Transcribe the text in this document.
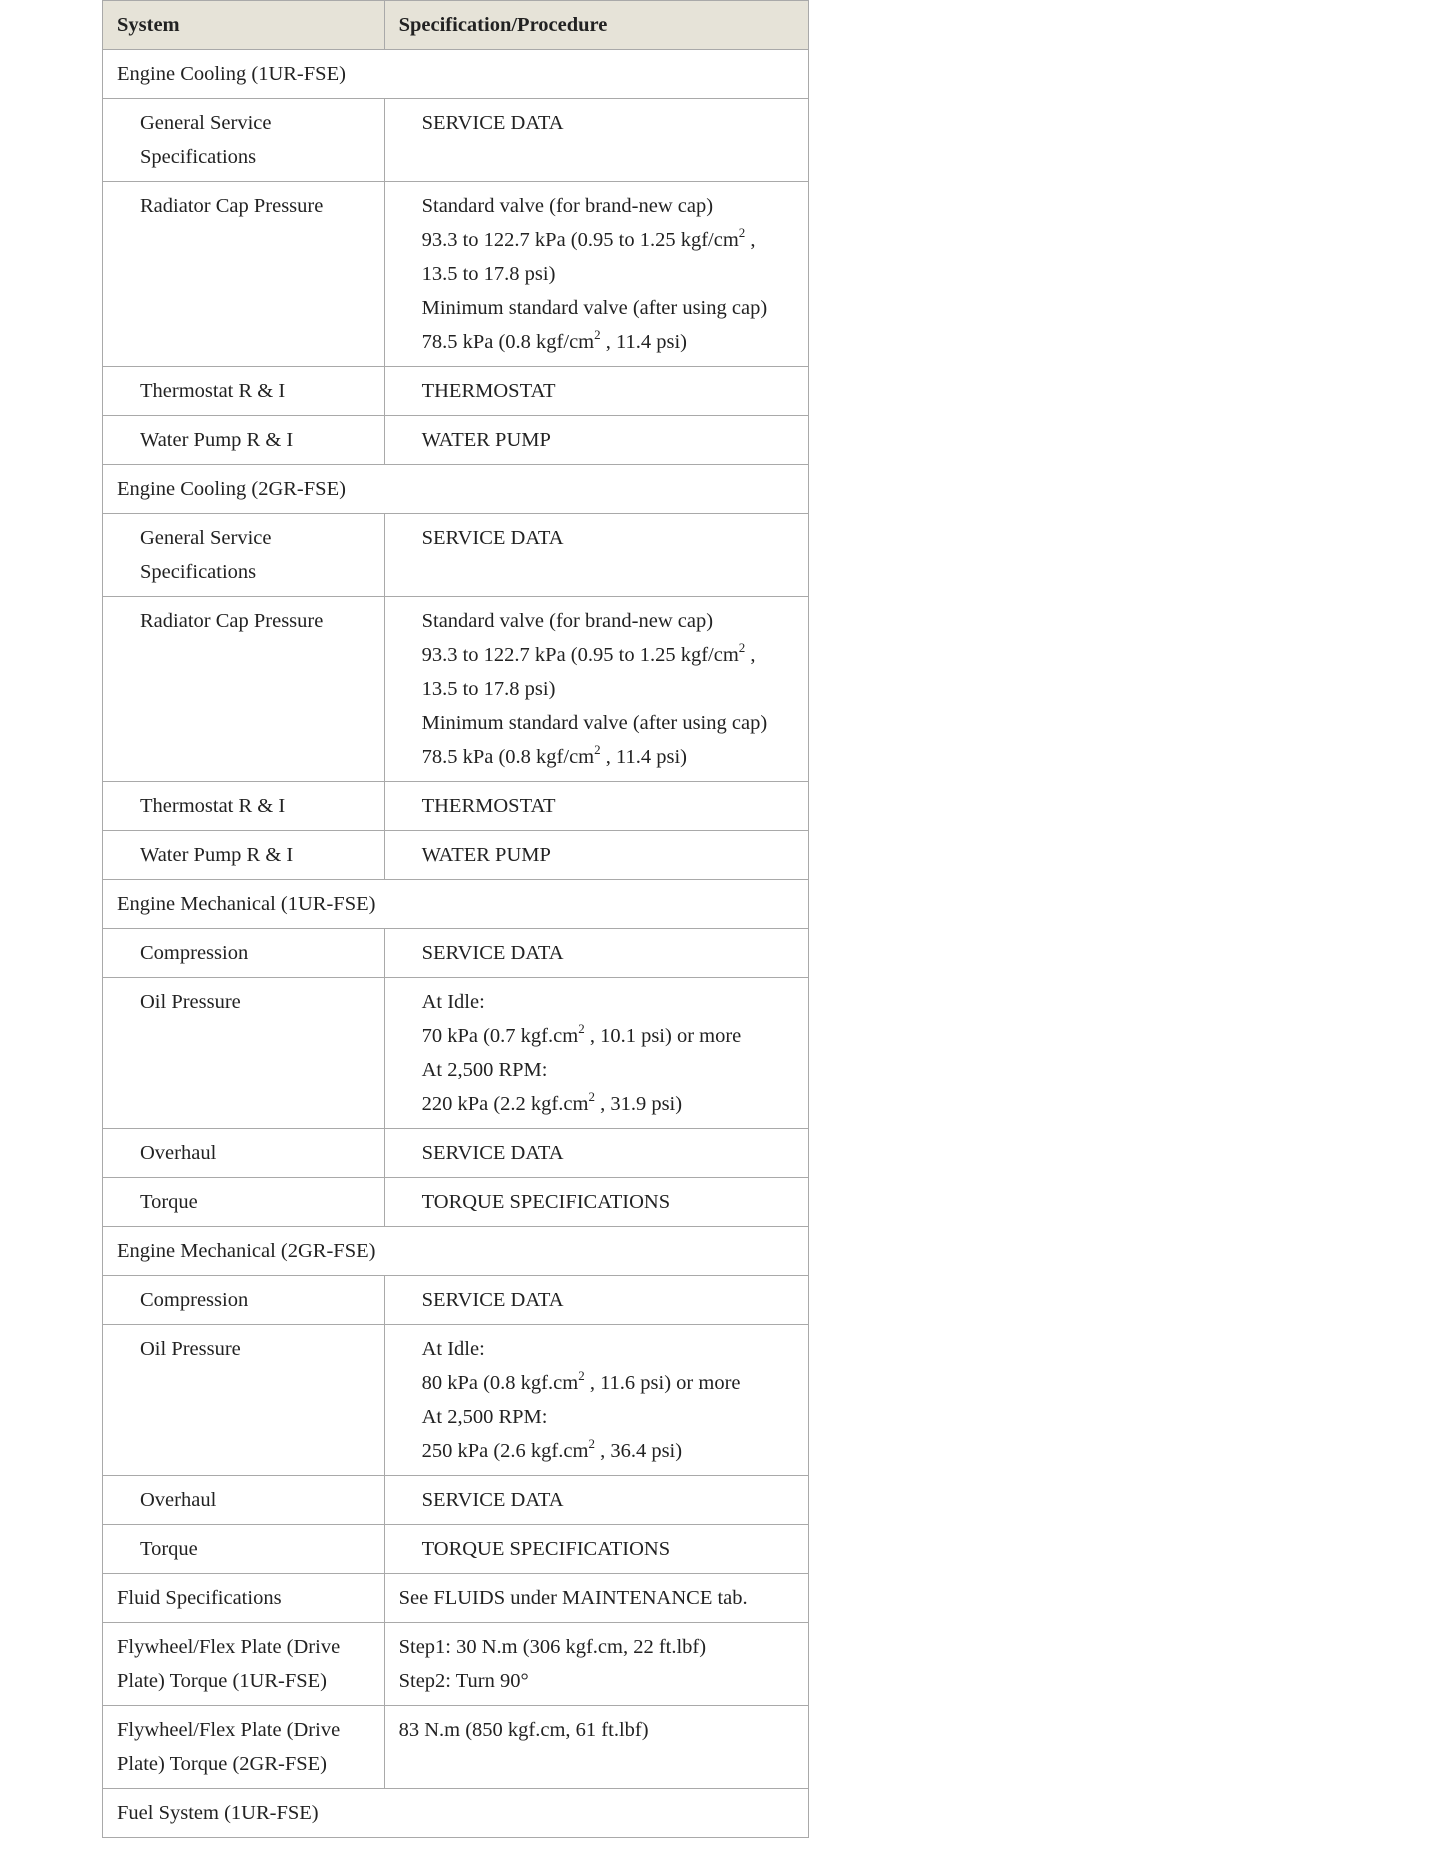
System	Specification/Procedure
Engine Cooling (1UR-FSE)	
General Service Specifications	SERVICE DATA

Radiator Cap Pressure	Standard valve (for brand-new cap)
93.3 to 122.7 kPa (0.95 to 1.25 kgf/$cm^2$ ,
13.5 to 17.8 psi)
Minimum standard valve (after using cap)
78.5 kPa (0.8 kgf/$cm^2$ , 11.4 psi)

Thermostat R & I	THERMOSTAT

Water Pump R & I	WATER PUMP

Engine Cooling (2GR-FSE)	
General Service Specifications	SERVICE DATA

Radiator Cap Pressure	Standard valve (for brand-new cap)
93.3 to 122.7 kPa (0.95 to 1.25 kgf/$cm^2$ ,
13.5 to 17.8 psi)
Minimum standard valve (after using cap)
78.5 kPa (0.8 kgf/$cm^2$ , 11.4 psi)

Thermostat R & I	THERMOSTAT

Water Pump R & I	WATER PUMP

Engine Mechanical (1UR-FSE)	
Compression	SERVICE DATA

Oil Pressure	At Idle:
70 kPa (0.7 $kgf.cm^2$ , 10.1 psi) or more
At 2,500 RPM:
220 kPa (2.2 $kgf.cm^2$ , 31.9 psi)

Overhaul	SERVICE DATA

Torque	TORQUE SPECIFICATIONS

Engine Mechanical (2GR-FSE)	
Compression	SERVICE DATA

Oil Pressure	At Idle:
80 kPa (0.8 $kgf.cm^2$ , 11.6 psi) or more
At 2,500 RPM:
250 kPa (2.6 $kgf.cm^2$ , 36.4 psi)

Overhaul	SERVICE DATA

Torque	TORQUE SPECIFICATIONS

Fluid Specifications	See FLUIDS under MAINTENANCE tab.

Flywheel/Flex Plate (Drive Plate) Torque (1UR-FSE)	Step1: 30 N.m (306 kgf.cm, 22 ft.lbf)
Step2: Turn 90°

Flywheel/Flex Plate (Drive Plate) Torque (2GR-FSE)	83 N.m (850 kgf.cm, 61 ft.lbf)

Fuel System (1UR-FSE)	
